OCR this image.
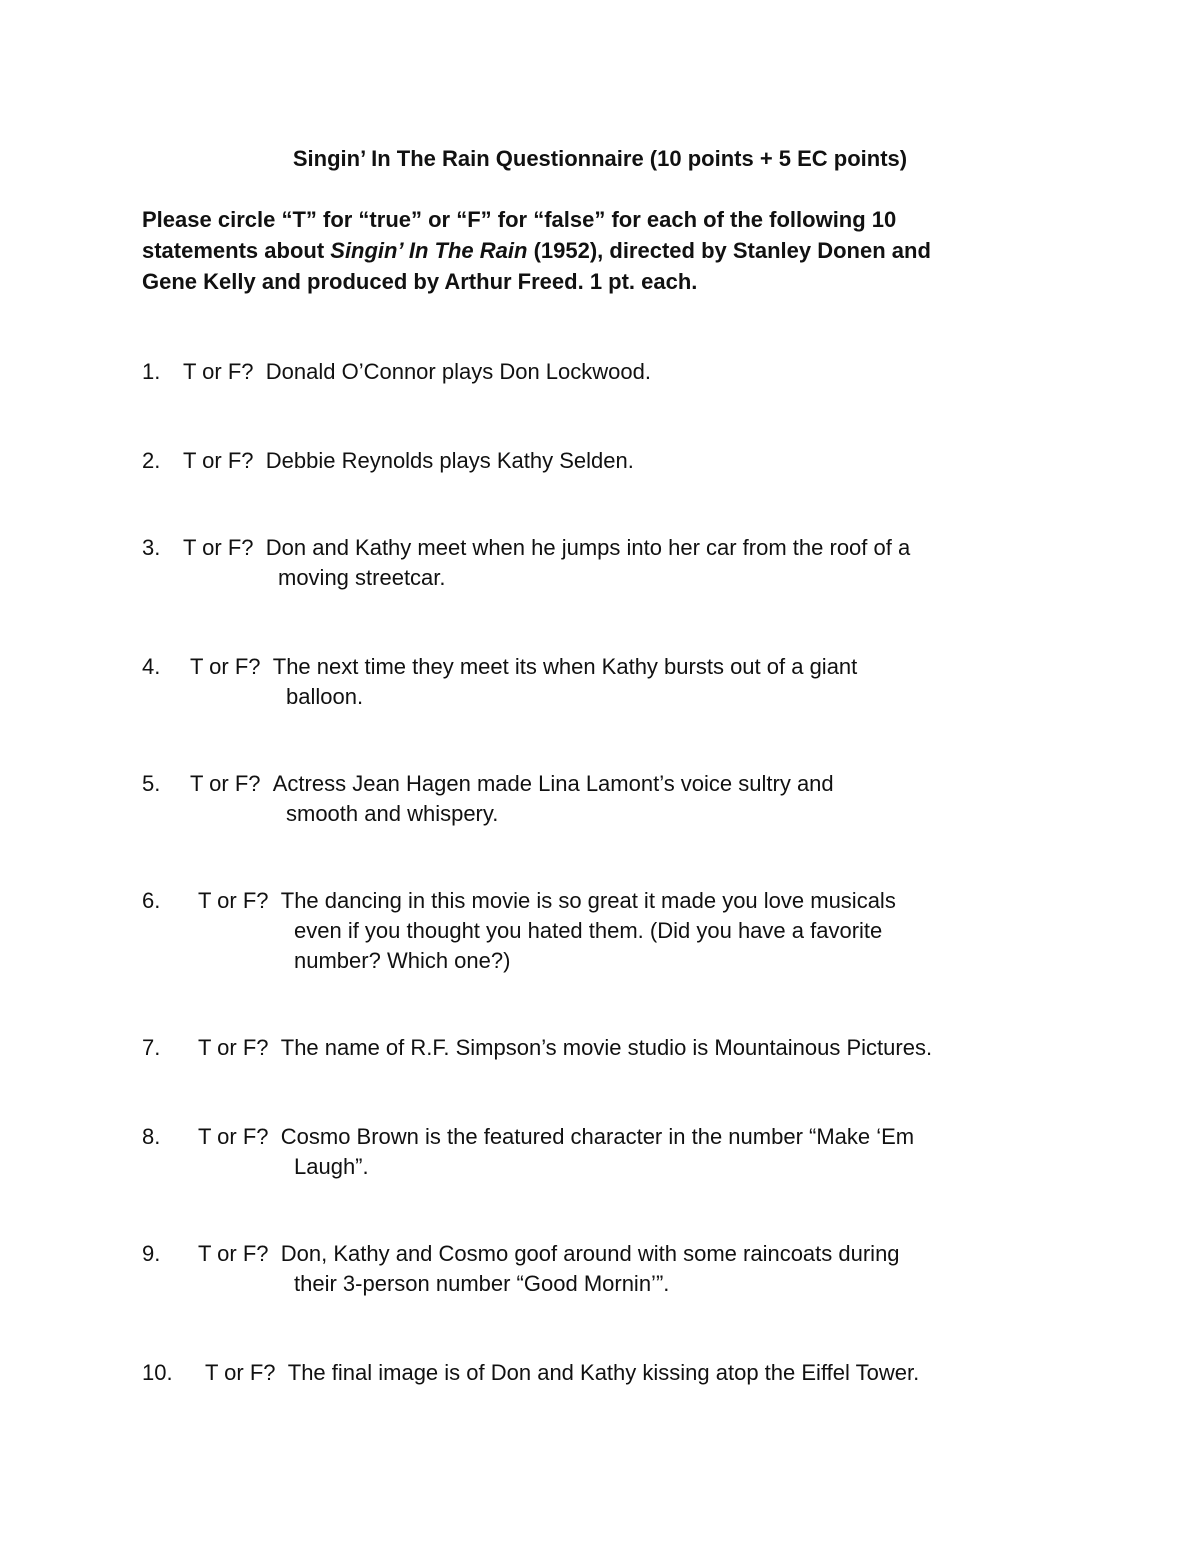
Singin’ In The Rain Questionnaire (10 points + 5 EC points)
Please circle “T” for “true” or “F” for “false” for each of the following 10
statements about Singin’ In The Rain (1952), directed by Stanley Donen and
Gene Kelly and produced by Arthur Freed. 1 pt. each.
1. T or F? Donald O’Connor plays Don Lockwood.
2. T or F? Debbie Reynolds plays Kathy Selden.
3. T or F? Don and Kathy meet when he jumps into her car from the roof of a
moving streetcar.
4. T or F? The next time they meet its when Kathy bursts out of a giant
balloon.
5. T or F? Actress Jean Hagen made Lina Lamont’s voice sultry and
smooth and whispery.
6. T or F? The dancing in this movie is so great it made you love musicals
even if you thought you hated them. (Did you have a favorite
number? Which one?)
7. T or F? The name of R.F. Simpson’s movie studio is Mountainous Pictures.
8. T or F? Cosmo Brown is the featured character in the number “Make ‘Em
Laugh”.
9. T or F? Don, Kathy and Cosmo goof around with some raincoats during
their 3-person number “Good Mornin’”.
10. T or F? The final image is of Don and Kathy kissing atop the Eiffel Tower.
